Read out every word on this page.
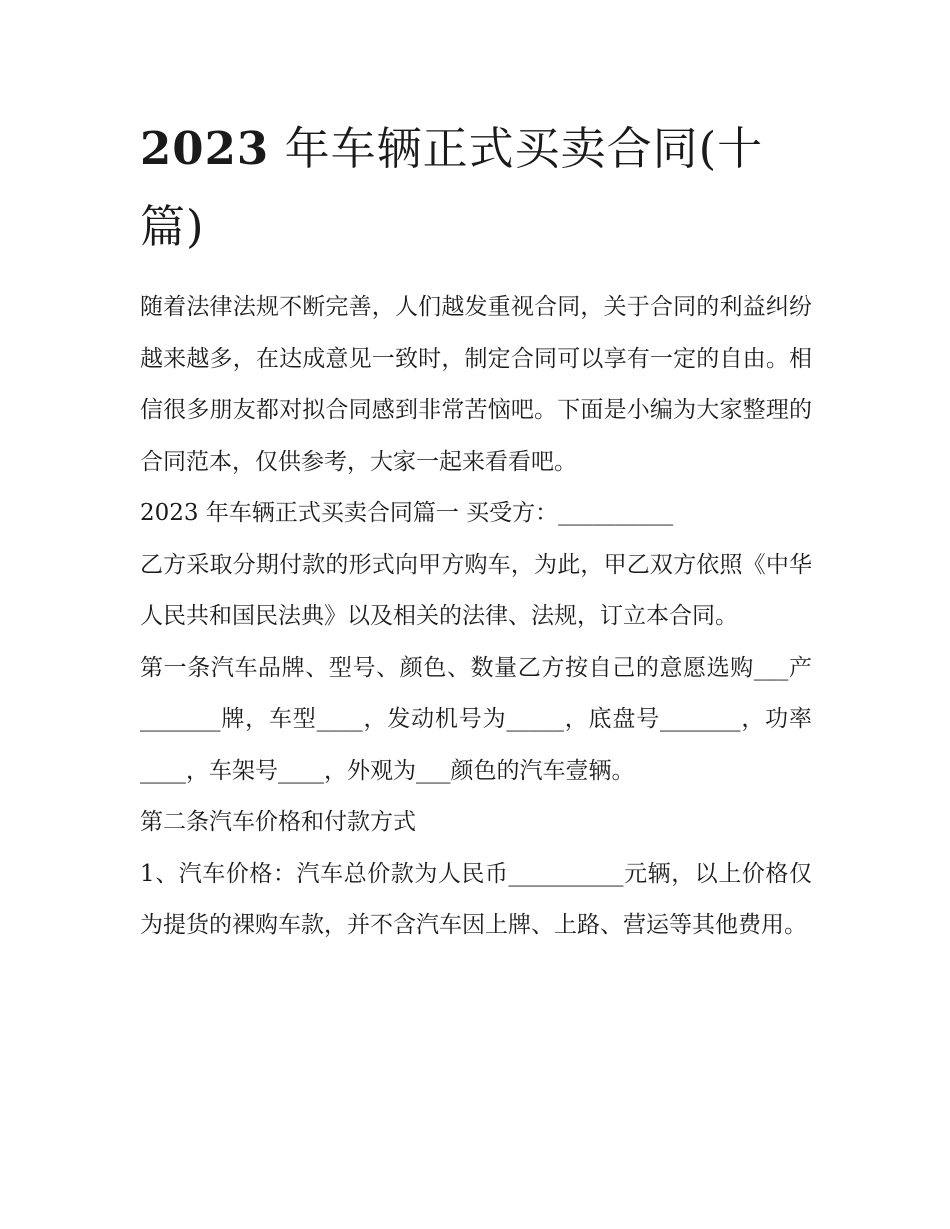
2023 年车辆正式买卖合同(十篇)

随着法律法规不断完善，人们越发重视合同，关于合同的利益纠纷越来越多，在达成意见一致时，制定合同可以享有一定的自由。相信很多朋友都对拟合同感到非常苦恼吧。下面是小编为大家整理的合同范本，仅供参考，大家一起来看看吧。

2023 年车辆正式买卖合同篇一 买受方：__________

乙方采取分期付款的形式向甲方购车，为此，甲乙双方依照《中华人民共和国民法典》以及相关的法律、法规，订立本合同。

第一条汽车品牌、型号、颜色、数量乙方按自己的意愿选购___产_______牌，车型____，发动机号为_____，底盘号_______，功率____，车架号____，外观为___颜色的汽车壹辆。

第二条汽车价格和付款方式

1、汽车价格：汽车总价款为人民币__________元辆，以上价格仅为提货的裸购车款，并不含汽车因上牌、上路、营运等其他费用。
